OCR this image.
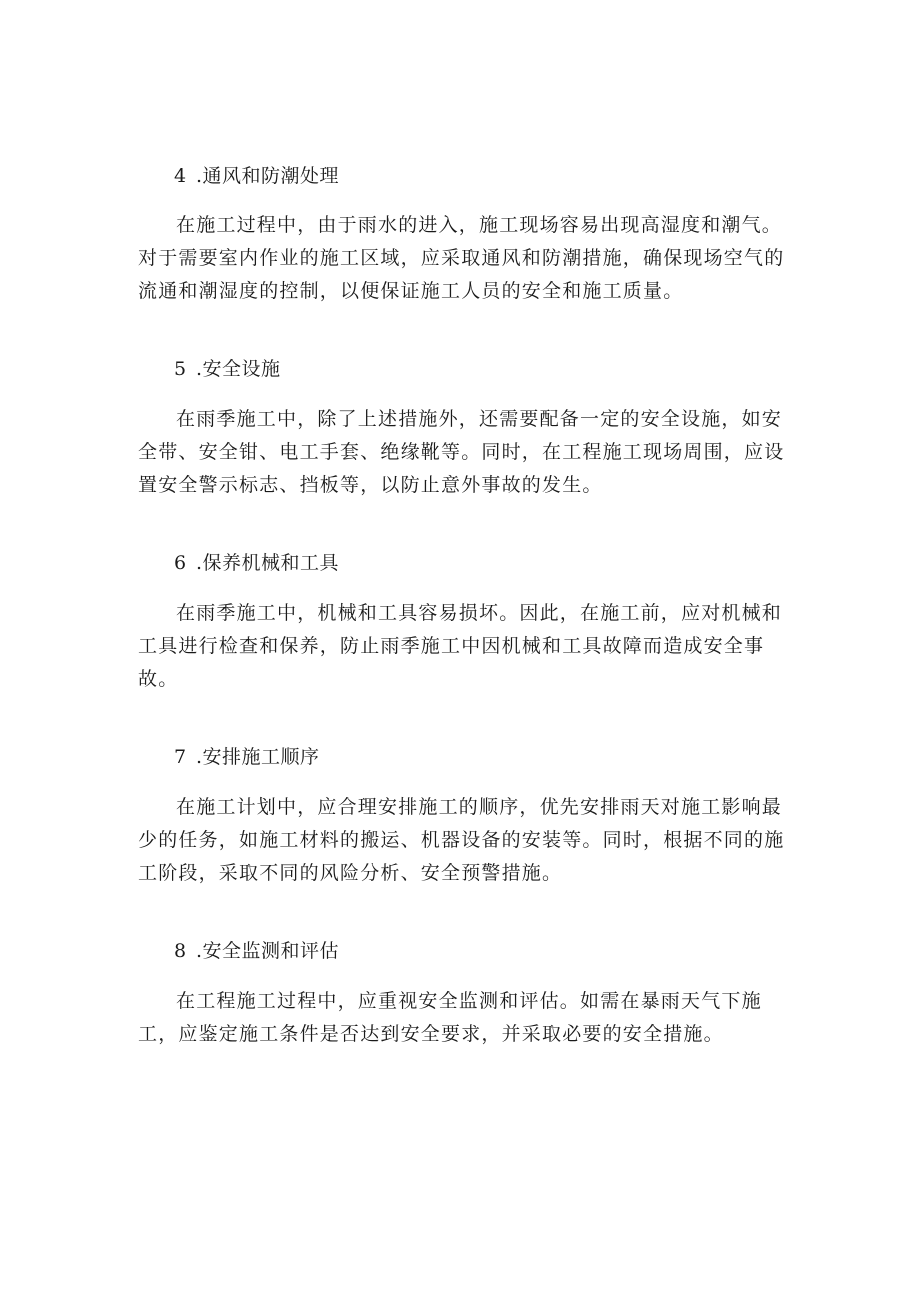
4 .通风和防潮处理

在施工过程中，由于雨水的进入，施工现场容易出现高湿度和潮气。对于需要室内作业的施工区域，应采取通风和防潮措施，确保现场空气的流通和潮湿度的控制，以便保证施工人员的安全和施工质量。

5 .安全设施

在雨季施工中，除了上述措施外，还需要配备一定的安全设施，如安全带、安全钳、电工手套、绝缘靴等。同时，在工程施工现场周围，应设置安全警示标志、挡板等，以防止意外事故的发生。

6 .保养机械和工具

在雨季施工中，机械和工具容易损坏。因此，在施工前，应对机械和工具进行检查和保养，防止雨季施工中因机械和工具故障而造成安全事故。

7 .安排施工顺序

在施工计划中，应合理安排施工的顺序，优先安排雨天对施工影响最少的任务，如施工材料的搬运、机器设备的安装等。同时，根据不同的施工阶段，采取不同的风险分析、安全预警措施。

8 .安全监测和评估

在工程施工过程中，应重视安全监测和评估。如需在暴雨天气下施工，应鉴定施工条件是否达到安全要求，并采取必要的安全措施。
